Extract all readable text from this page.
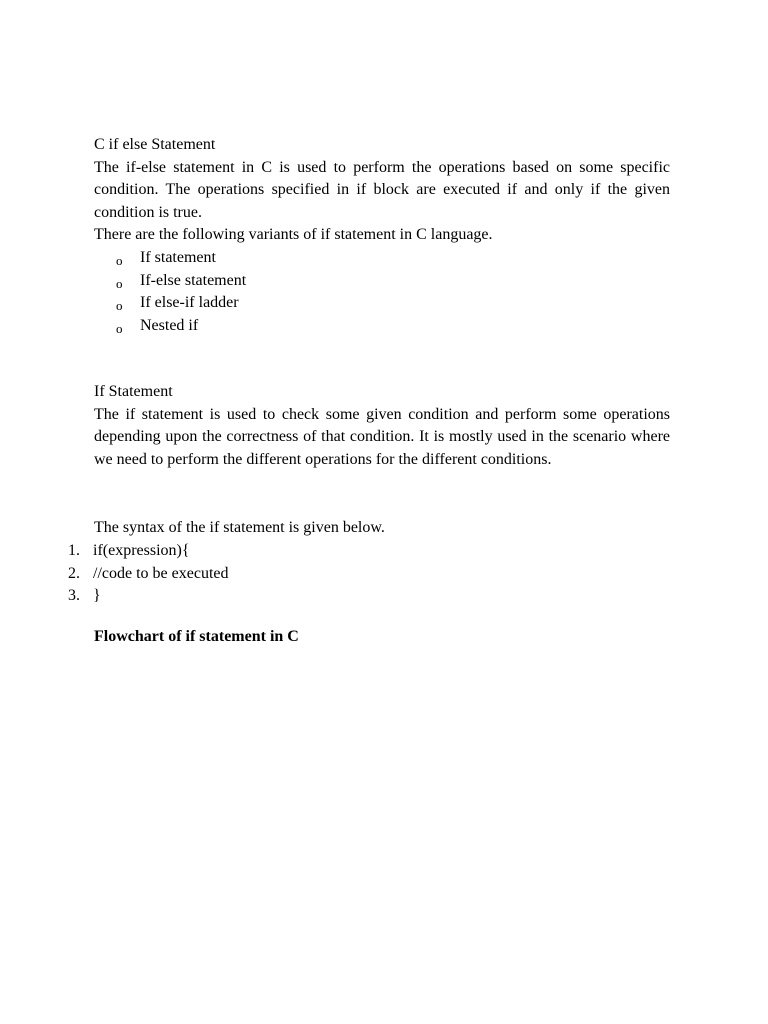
C if else Statement

The if-else statement in C is used to perform the operations based on some specific condition. The operations specified in if block are executed if and only if the given condition is true.

There are the following variants of if statement in C language.

o If statement
o If-else statement
o If else-if ladder
o Nested if

If Statement

The if statement is used to check some given condition and perform some operations depending upon the correctness of that condition. It is mostly used in the scenario where we need to perform the different operations for the different conditions.

The syntax of the if statement is given below.

1. if(expression){
2. //code to be executed
3. }

Flowchart of if statement in C
